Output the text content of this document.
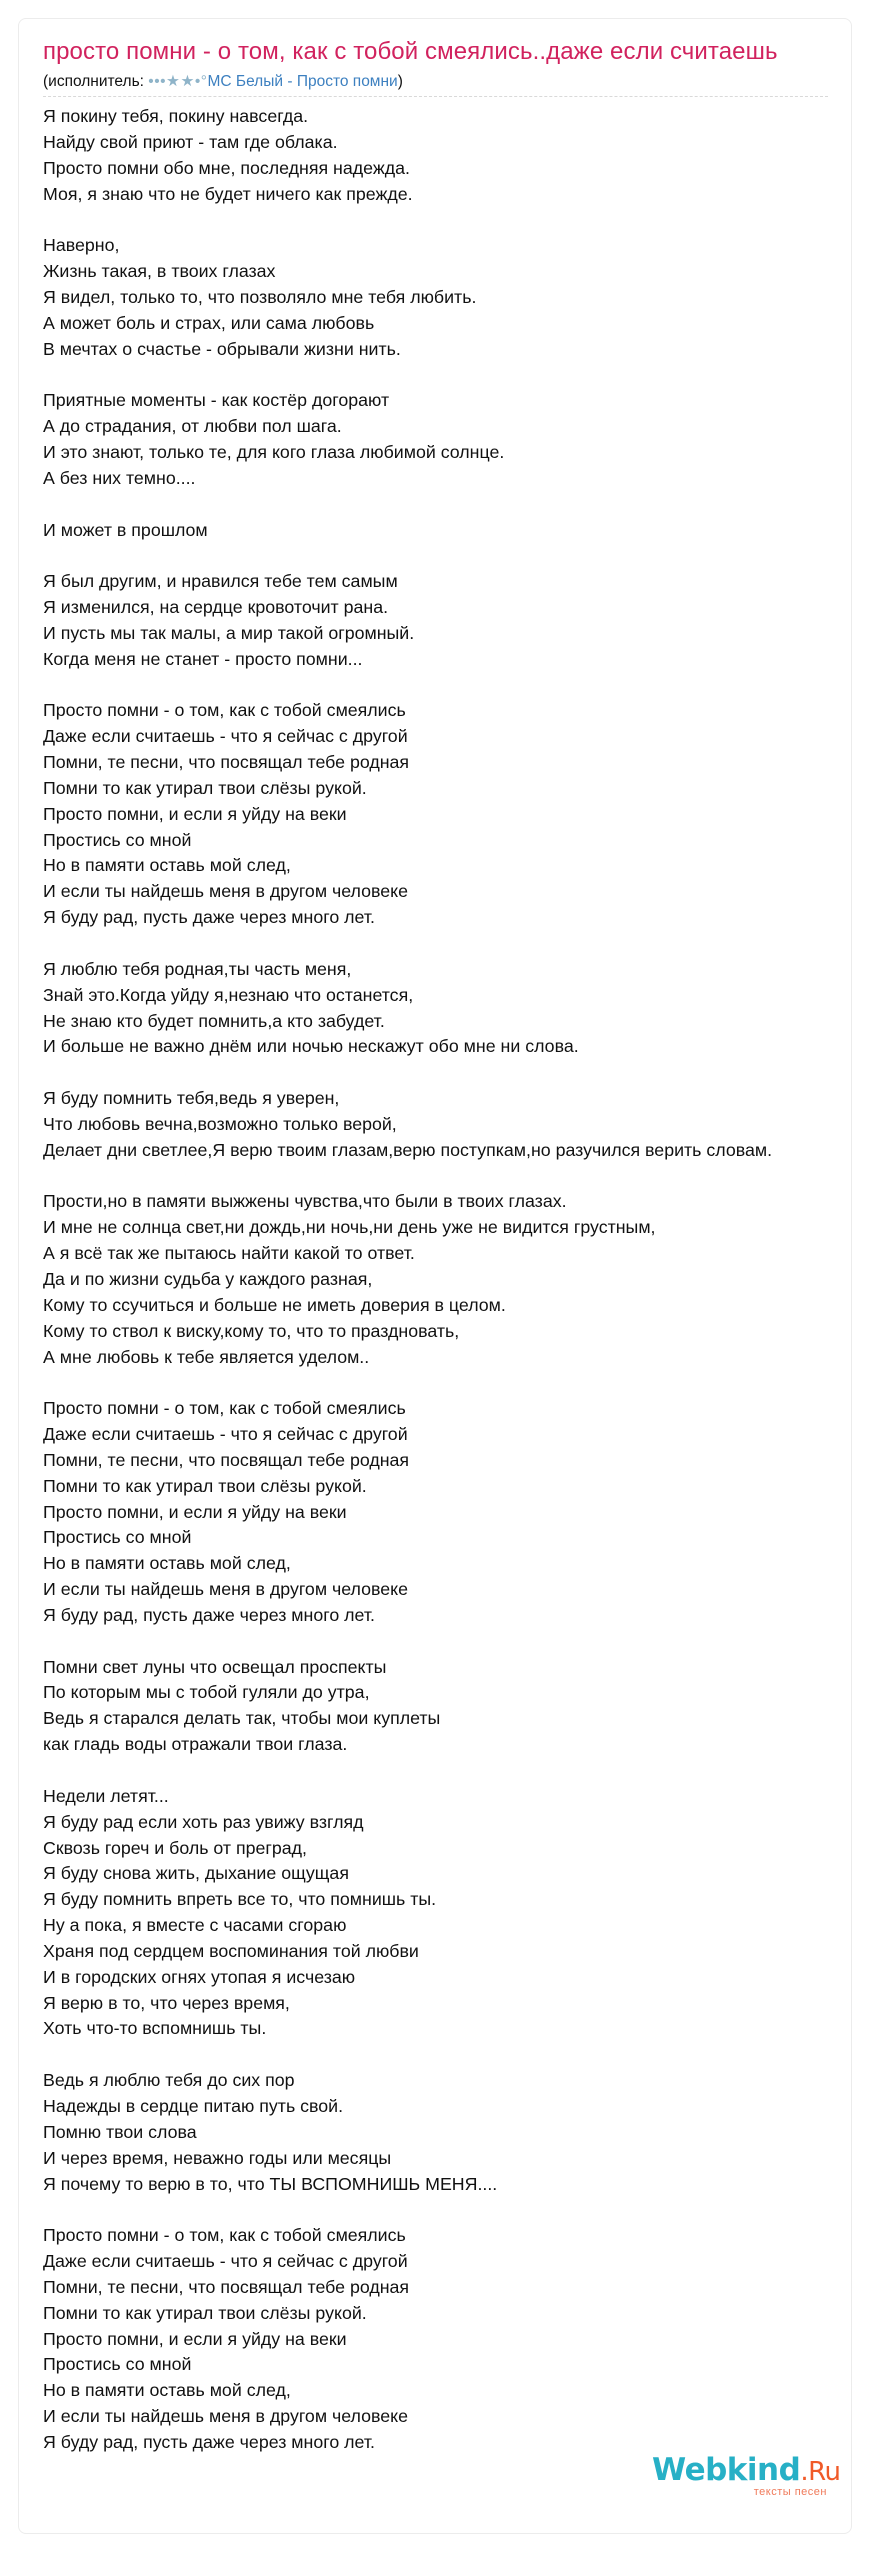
просто помни - о том, как с тобой смеялись..даже если считаешь
(исполнитель: •••★★•°МС Белый - Просто помни)
Я покину тебя, покину навсегда.
Найду свой приют - там где облака.
Просто помни обо мне, последняя надежда.
Моя, я знаю что не будет ничего как прежде.
Наверно,
Жизнь такая, в твоих глазах
Я видел, только то, что позволяло мне тебя любить.
А может боль и страх, или сама любовь
В мечтах о счастье - обрывали жизни нить.
Приятные моменты - как костёр догорают
А до страдания, от любви пол шага.
И это знают, только те, для кого глаза любимой солнце.
А без них темно....
И может в прошлом
Я был другим, и нравился тебе тем самым
Я изменился, на сердце кровоточит рана.
И пусть мы так малы, а мир такой огромный.
Когда меня не станет - просто помни...
Просто помни - о том, как с тобой смеялись
Даже если считаешь - что я сейчас с другой
Помни, те песни, что посвящал тебе родная
Помни то как утирал твои слёзы рукой.
Просто помни, и если я уйду на веки
Простись со мной
Но в памяти оставь мой след,
И если ты найдешь меня в другом человеке
Я буду рад, пусть даже через много лет.
Я люблю тебя родная,ты часть меня,
Знай это.Когда уйду я,незнаю что останется,
Не знаю кто будет помнить,а кто забудет.
И больше не важно днём или ночью нескажут обо мне ни слова.
Я буду помнить тебя,ведь я уверен,
Что любовь вечна,возможно только верой,
Делает дни светлее,Я верю твоим глазам,верю поступкам,но разучился верить словам.
Прости,но в памяти выжжены чувства,что были в твоих глазах.
И мне не солнца свет,ни дождь,ни ночь,ни день уже не видится грустным,
А я всё так же пытаюсь найти какой то ответ.
Да и по жизни судьба у каждого разная,
Кому то ссучиться и больше не иметь доверия в целом.
Кому то ствол к виску,кому то, что то праздновать,
А мне любовь к тебе является уделом..
Просто помни - о том, как с тобой смеялись
Даже если считаешь - что я сейчас с другой
Помни, те песни, что посвящал тебе родная
Помни то как утирал твои слёзы рукой.
Просто помни, и если я уйду на веки
Простись со мной
Но в памяти оставь мой след,
И если ты найдешь меня в другом человеке
Я буду рад, пусть даже через много лет.
Помни свет луны что освещал проспекты
По которым мы с тобой гуляли до утра,
Ведь я старался делать так, чтобы мои куплеты
как гладь воды отражали твои глаза.
Недели летят...
Я буду рад если хоть раз увижу взгляд
Сквозь гореч и боль от преград,
Я буду снова жить, дыхание ощущая
Я буду помнить впреть все то, что помнишь ты.
Ну а пока, я вместе с часами сгораю
Храня под сердцем воспоминания той любви
И в городских огнях утопая я исчезаю
Я верю в то, что через время,
Хоть что-то вспомнишь ты.
Ведь я люблю тебя до сих пор
Надежды в сердце питаю путь свой.
Помню твои слова
И через время, неважно годы или месяцы
Я почему то верю в то, что ТЫ ВСПОМНИШЬ МЕНЯ....
Просто помни - о том, как с тобой смеялись
Даже если считаешь - что я сейчас с другой
Помни, те песни, что посвящал тебе родная
Помни то как утирал твои слёзы рукой.
Просто помни, и если я уйду на веки
Простись со мной
Но в памяти оставь мой след,
И если ты найдешь меня в другом человеке
Я буду рад, пусть даже через много лет.
Webkind.Ru
тексты песен
